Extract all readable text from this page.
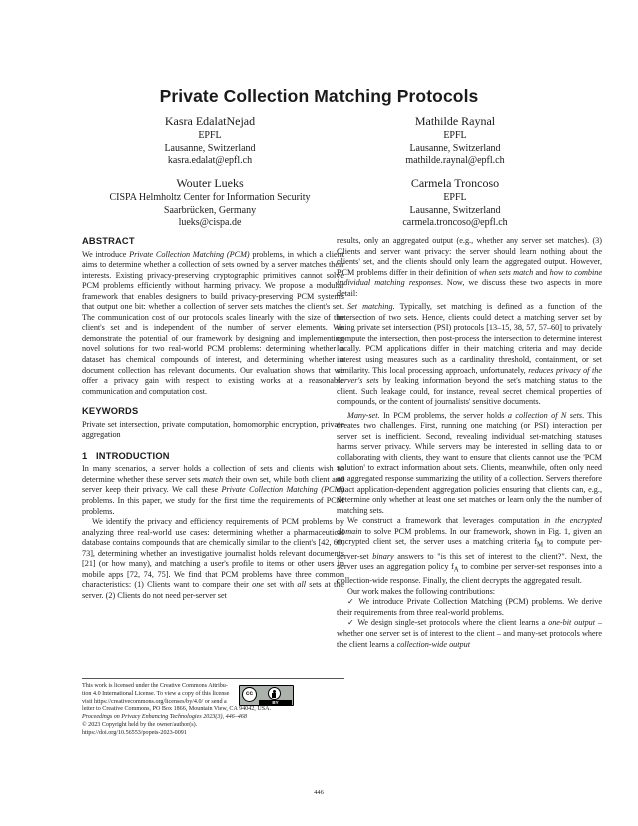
Private Collection Matching Protocols
Kasra EdalatNejad
EPFL
Lausanne, Switzerland
kasra.edalat@epfl.ch
Mathilde Raynal
EPFL
Lausanne, Switzerland
mathilde.raynal@epfl.ch
Wouter Lueks
CISPA Helmholtz Center for Information Security
Saarbrücken, Germany
lueks@cispa.de
Carmela Troncoso
EPFL
Lausanne, Switzerland
carmela.troncoso@epfl.ch
ABSTRACT

We introduce Private Collection Matching (PCM) problems, in which a client aims to determine whether a collection of sets owned by a server matches their interests. Existing privacy-preserving cryptographic primitives cannot solve PCM problems efficiently without harming privacy. We propose a modular framework that enables designers to build privacy-preserving PCM systems that output one bit: whether a collection of server sets matches the client's set. The communication cost of our protocols scales linearly with the size of the client's set and is independent of the number of server elements. We demonstrate the potential of our framework by designing and implementing novel solutions for two real-world PCM problems: determining whether a dataset has chemical compounds of interest, and determining whether a document collection has relevant documents. Our evaluation shows that we offer a privacy gain with respect to existing works at a reasonable communication and computation cost.

KEYWORDS

Private set intersection, private computation, homomorphic encryption, private aggregation

1 INTRODUCTION

In many scenarios, a server holds a collection of sets and clients wish to determine whether these server sets match their own set, while both client and server keep their privacy. We call these Private Collection Matching (PCM) problems. In this paper, we study for the first time the requirements of PCM problems.

We identify the privacy and efficiency requirements of PCM problems by analyzing three real-world use cases: determining whether a pharmaceutical database contains compounds that are chemically similar to the client's [42, 69, 73], determining whether an investigative journalist holds relevant documents [21] (or how many), and matching a user's profile to items or other users in mobile apps [72, 74, 75]. We find that PCM problems have three common characteristics: (1) Clients want to compare their one set with all sets at the server. (2) Clients do not need per-server set

results, only an aggregated output (e.g., whether any server set matches). (3) Clients and server want privacy: the server should learn nothing about the clients' set, and the clients should only learn the aggregated output. However, PCM problems differ in their definition of when sets match and how to combine individual matching responses. Now, we discuss these two aspects in more detail:

Set matching. Typically, set matching is defined as a function of the intersection of two sets. Hence, clients could detect a matching server set by using private set intersection (PSI) protocols [13–15, 38, 57, 57–60] to privately compute the intersection, then post-process the intersection to determine interest locally. PCM applications differ in their matching criteria and may decide interest using measures such as a cardinality threshold, containment, or set similarity. This local processing approach, unfortunately, reduces privacy of the server's sets by leaking information beyond the set's matching status to the client. Such leakage could, for instance, reveal secret chemical properties of compounds, or the content of journalists' sensitive documents.

Many-set. In PCM problems, the server holds a collection of N sets. This creates two challenges. First, running one matching (or PSI) interaction per server set is inefficient. Second, revealing individual set-matching statuses harms server privacy. While servers may be interested in selling data to or collaborating with clients, they want to ensure that clients cannot use the 'PCM solution' to extract information about sets. Clients, meanwhile, often only need an aggregated response summarizing the utility of a collection. Servers therefore enact application-dependent aggregation policies ensuring that clients can, e.g., determine only whether at least one set matches or learn only the the number of matching sets.

We construct a framework that leverages computation in the encrypted domain to solve PCM problems. In our framework, shown in Fig. 1, given an encrypted client set, the server uses a matching criteria $f_M$ to compute per-server-set binary answers to "is this set of interest to the client?". Next, the server uses an aggregation policy $f_A$ to combine per server-set responses into a collection-wide response. Finally, the client decrypts the aggregated result.

Our work makes the following contributions:

✓ We introduce Private Collection Matching (PCM) problems. We derive their requirements from three real-world problems.

✓ We design single-set protocols where the client learns a one-bit output – whether one server set is of interest to the client – and many-set protocols where the client learns a collection-wide output

cc
BY
This work is licensed under the Creative Commons Attribu-
tion 4.0 International License. To view a copy of this license
visit https://creativecommons.org/licenses/by/4.0/ or send a
letter to Creative Commons, PO Box 1866, Mountain View, CA 94042, USA.
Proceedings on Privacy Enhancing Technologies 2023(3), 446–468
© 2023 Copyright held by the owner/author(s).
https://doi.org/10.56553/popets-2023-0091
446
